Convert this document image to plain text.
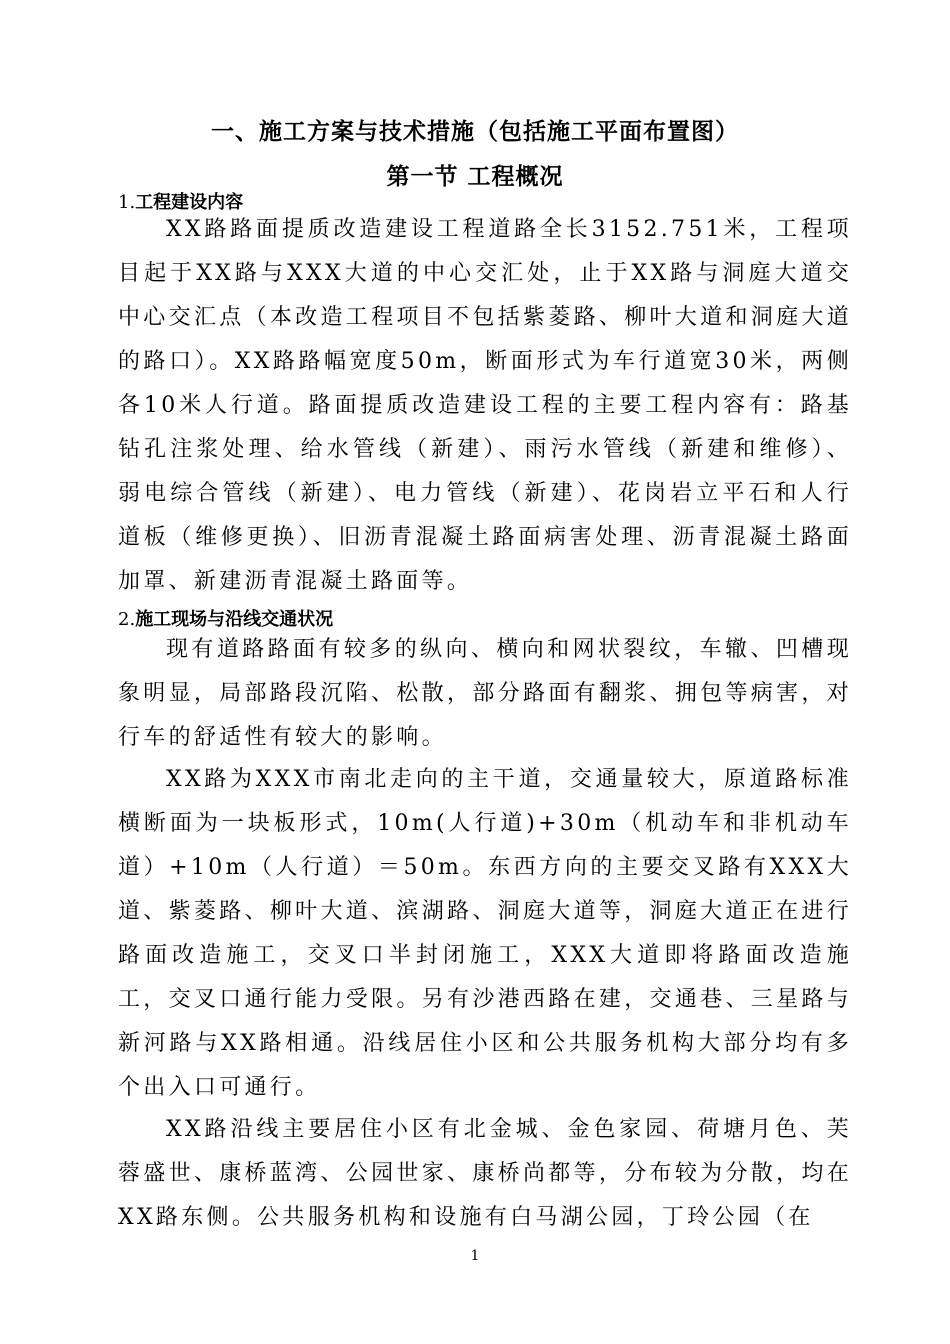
一、施工方案与技术措施（包括施工平面布置图）
第一节 工程概况
1.工程建设内容

XX路路面提质改造建设工程道路全长3152.751米，工程项目起于XX路与XXX大道的中心交汇处，止于XX路与洞庭大道交中心交汇点（本改造工程项目不包括紫菱路、柳叶大道和洞庭大道的路口）。XX路路幅宽度50m，断面形式为车行道宽30米，两侧各10米人行道。路面提质改造建设工程的主要工程内容有：路基钻孔注浆处理、给水管线（新建）、雨污水管线（新建和维修）、弱电综合管线（新建）、电力管线（新建）、花岗岩立平石和人行道板（维修更换）、旧沥青混凝土路面病害处理、沥青混凝土路面加罩、新建沥青混凝土路面等。

2.施工现场与沿线交通状况

现有道路路面有较多的纵向、横向和网状裂纹，车辙、凹槽现象明显，局部路段沉陷、松散，部分路面有翻浆、拥包等病害，对行车的舒适性有较大的影响。

XX路为XXX市南北走向的主干道，交通量较大，原道路标准横断面为一块板形式，10m(人行道)+30m（机动车和非机动车道）+10m（人行道）＝50m。东西方向的主要交叉路有XXX大道、紫菱路、柳叶大道、滨湖路、洞庭大道等，洞庭大道正在进行路面改造施工，交叉口半封闭施工，XXX大道即将路面改造施工，交叉口通行能力受限。另有沙港西路在建，交通巷、三星路与新河路与XX路相通。沿线居住小区和公共服务机构大部分均有多个出入口可通行。

XX路沿线主要居住小区有北金城、金色家园、荷塘月色、芙蓉盛世、康桥蓝湾、公园世家、康桥尚都等，分布较为分散，均在XX路东侧。公共服务机构和设施有白马湖公园，丁玲公园（在

1
